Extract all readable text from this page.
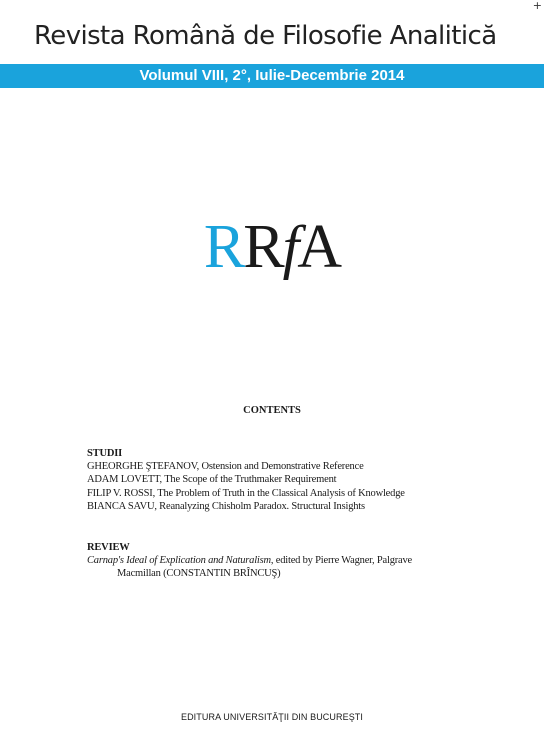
+
Revista Română de Filosofie Analitică
Volumul VIII, 2°, Iulie-Decembrie 2014
RRfA
CONTENTS
STUDII
GHEORGHE ŞTEFANOV, Ostension and Demonstrative Reference
ADAM LOVETT, The Scope of the Truthmaker Requirement
FILIP V. ROSSI, The Problem of Truth in the Classical Analysis of Knowledge
BIANCA SAVU, Reanalyzing Chisholm Paradox. Structural Insights
REVIEW
Carnap's Ideal of Explication and Naturalism, edited by Pierre Wagner, Palgrave
Macmillan (CONSTANTIN BRÎNCUŞ)
EDITURA UNIVERSITĂŢII DIN BUCUREŞTI
